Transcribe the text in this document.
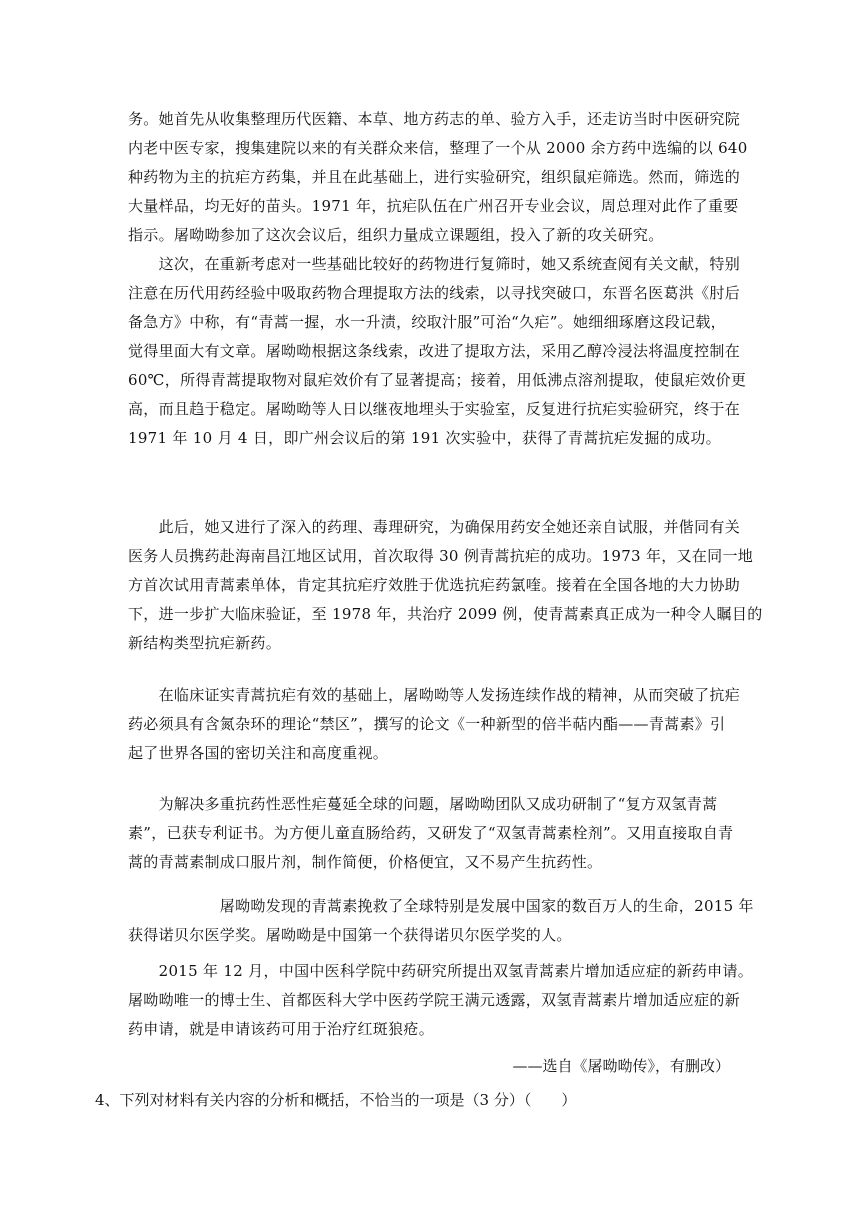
务。她首先从收集整理历代医籍、本草、地方药志的单、验方入手，还走访当时中医研究院
内老中医专家，搜集建院以来的有关群众来信，整理了一个从 2000 余方药中选编的以 640
种药物为主的抗疟方药集，并且在此基础上，进行实验研究，组织鼠疟筛选。然而，筛选的
大量样品，均无好的苗头。1971 年，抗疟队伍在广州召开专业会议，周总理对此作了重要
指示。屠呦呦参加了这次会议后，组织力量成立课题组，投入了新的攻关研究。
　　这次，在重新考虑对一些基础比较好的药物进行复筛时，她又系统查阅有关文献，特别
注意在历代用药经验中吸取药物合理提取方法的线索，以寻找突破口，东晋名医葛洪《肘后
备急方》中称，有“青蒿一握，水一升渍，绞取汁服”可治“久疟”。她细细琢磨这段记载，
觉得里面大有文章。屠呦呦根据这条线索，改进了提取方法，采用乙醇冷浸法将温度控制在
60℃，所得青蒿提取物对鼠疟效价有了显著提高；接着，用低沸点溶剂提取，使鼠疟效价更
高，而且趋于稳定。屠呦呦等人日以继夜地埋头于实验室，反复进行抗疟实验研究，终于在
1971 年 10 月 4 日，即广州会议后的第 191 次实验中，获得了青蒿抗疟发掘的成功。
　　此后，她又进行了深入的药理、毒理研究，为确保用药安全她还亲自试服，并偕同有关
医务人员携药赴海南昌江地区试用，首次取得 30 例青蒿抗疟的成功。1973 年，又在同一地
方首次试用青蒿素单体，肯定其抗疟疗效胜于优选抗疟药氯喹。接着在全国各地的大力协助
下，进一步扩大临床验证，至 1978 年，共治疗 2099 例，使青蒿素真正成为一种令人瞩目的
新结构类型抗疟新药。
　　在临床证实青蒿抗疟有效的基础上，屠呦呦等人发扬连续作战的精神，从而突破了抗疟
药必须具有含氮杂环的理论“禁区”，撰写的论文《一种新型的倍半萜内酯——青蒿素》引
起了世界各国的密切关注和高度重视。
　　为解决多重抗药性恶性疟蔓延全球的问题，屠呦呦团队又成功研制了“复方双氢青蒿
素”，已获专利证书。为方便儿童直肠给药，又研发了“双氢青蒿素栓剂”。又用直接取自青
蒿的青蒿素制成口服片剂，制作简便，价格便宜，又不易产生抗药性。
　　　　　　屠呦呦发现的青蒿素挽救了全球特别是发展中国家的数百万人的生命，2015 年
获得诺贝尔医学奖。屠呦呦是中国第一个获得诺贝尔医学奖的人。
　　2015 年 12 月，中国中医科学院中药研究所提出双氢青蒿素片增加适应症的新药申请。
屠呦呦唯一的博士生、首都医科大学中医药学院王满元透露，双氢青蒿素片增加适应症的新
药申请，就是申请该药可用于治疗红斑狼疮。
——选自《屠呦呦传》，有删改）
4、下列对材料有关内容的分析和概括，不恰当的一项是（3 分）（　　）
